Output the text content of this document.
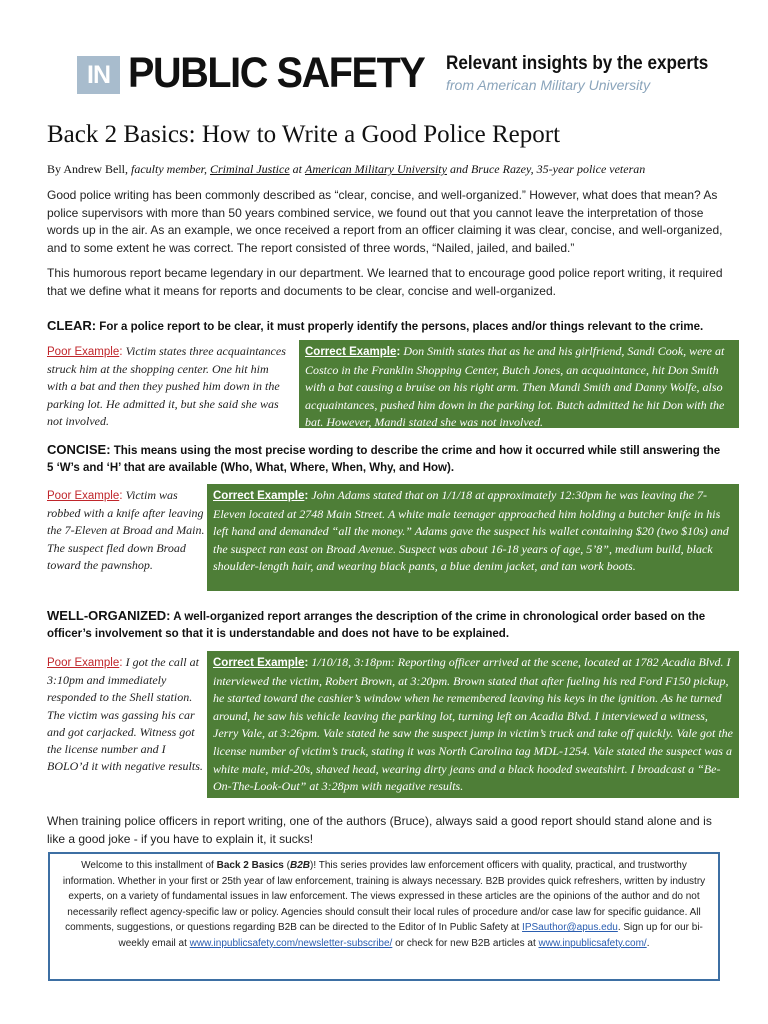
IN PUBLIC SAFETY Relevant insights by the experts
from American Military University
Back 2 Basics: How to Write a Good Police Report
By Andrew Bell, faculty member, Criminal Justice at American Military University and Bruce Razey, 35-year police veteran
Good police writing has been commonly described as “clear, concise, and well-organized.” However, what does that mean? As police supervisors with more than 50 years combined service, we found out that you cannot leave the interpretation of those words up in the air. As an example, we once received a report from an officer claiming it was clear, concise, and well-organized, and to some extent he was correct. The report consisted of three words, “Nailed, jailed, and bailed.”
This humorous report became legendary in our department. We learned that to encourage good police report writing, it required that we define what it means for reports and documents to be clear, concise and well-organized.
CLEAR: For a police report to be clear, it must properly identify the persons, places and/or things relevant to the crime.
Poor Example: Victim states three acquaintances struck him at the shopping center. One hit him with a bat and then they pushed him down in the parking lot. He admitted it, but she said she was not involved.
Correct Example: Don Smith states that as he and his girlfriend, Sandi Cook, were at Costco in the Franklin Shopping Center, Butch Jones, an acquaintance, hit Don Smith with a bat causing a bruise on his right arm. Then Mandi Smith and Danny Wolfe, also acquaintances, pushed him down in the parking lot. Butch admitted he hit Don with the bat. However, Mandi stated she was not involved.
CONCISE: This means using the most precise wording to describe the crime and how it occurred while still answering the 5 ‘W’s and ‘H’ that are available (Who, What, Where, When, Why, and How).
Poor Example: Victim was robbed with a knife after leaving the 7-Eleven at Broad and Main. The suspect fled down Broad toward the pawnshop.
Correct Example: John Adams stated that on 1/1/18 at approximately 12:30pm he was leaving the 7-Eleven located at 2748 Main Street. A white male teenager approached him holding a butcher knife in his left hand and demanded “all the money.” Adams gave the suspect his wallet containing $20 (two $10s) and the suspect ran east on Broad Avenue. Suspect was about 16-18 years of age, 5’8”, medium build, black shoulder-length hair, and wearing black pants, a blue denim jacket, and tan work boots.
WELL-ORGANIZED: A well-organized report arranges the description of the crime in chronological order based on the officer’s involvement so that it is understandable and does not have to be explained.
Poor Example: I got the call at 3:10pm and immediately responded to the Shell station. The victim was gassing his car and got carjacked. Witness got the license number and I BOLO’d it with negative results.
Correct Example: 1/10/18, 3:18pm: Reporting officer arrived at the scene, located at 1782 Acadia Blvd. I interviewed the victim, Robert Brown, at 3:20pm. Brown stated that after fueling his red Ford F150 pickup, he started toward the cashier’s window when he remembered leaving his keys in the ignition. As he turned around, he saw his vehicle leaving the parking lot, turning left on Acadia Blvd. I interviewed a witness, Jerry Vale, at 3:26pm. Vale stated he saw the suspect jump in victim’s truck and take off quickly. Vale got the license number of victim’s truck, stating it was North Carolina tag MDL-1254. Vale stated the suspect was a white male, mid-20s, shaved head, wearing dirty jeans and a black hooded sweatshirt. I broadcast a “Be-On-The-Look-Out” at 3:28pm with negative results.
When training police officers in report writing, one of the authors (Bruce), always said a good report should stand alone and is like a good joke - if you have to explain it, it sucks!
Welcome to this installment of Back 2 Basics (B2B)! This series provides law enforcement officers with quality, practical, and trustworthy information. Whether in your first or 25th year of law enforcement, training is always necessary. B2B provides quick refreshers, written by industry experts, on a variety of fundamental issues in law enforcement. The views expressed in these articles are the opinions of the author and do not necessarily reflect agency-specific law or policy. Agencies should consult their local rules of procedure and/or case law for specific guidance. All comments, suggestions, or questions regarding B2B can be directed to the Editor of In Public Safety at IPSauthor@apus.edu. Sign up for our bi-weekly email at www.inpublicsafety.com/newsletter-subscribe/ or check for new B2B articles at www.inpublicsafety.com/.
